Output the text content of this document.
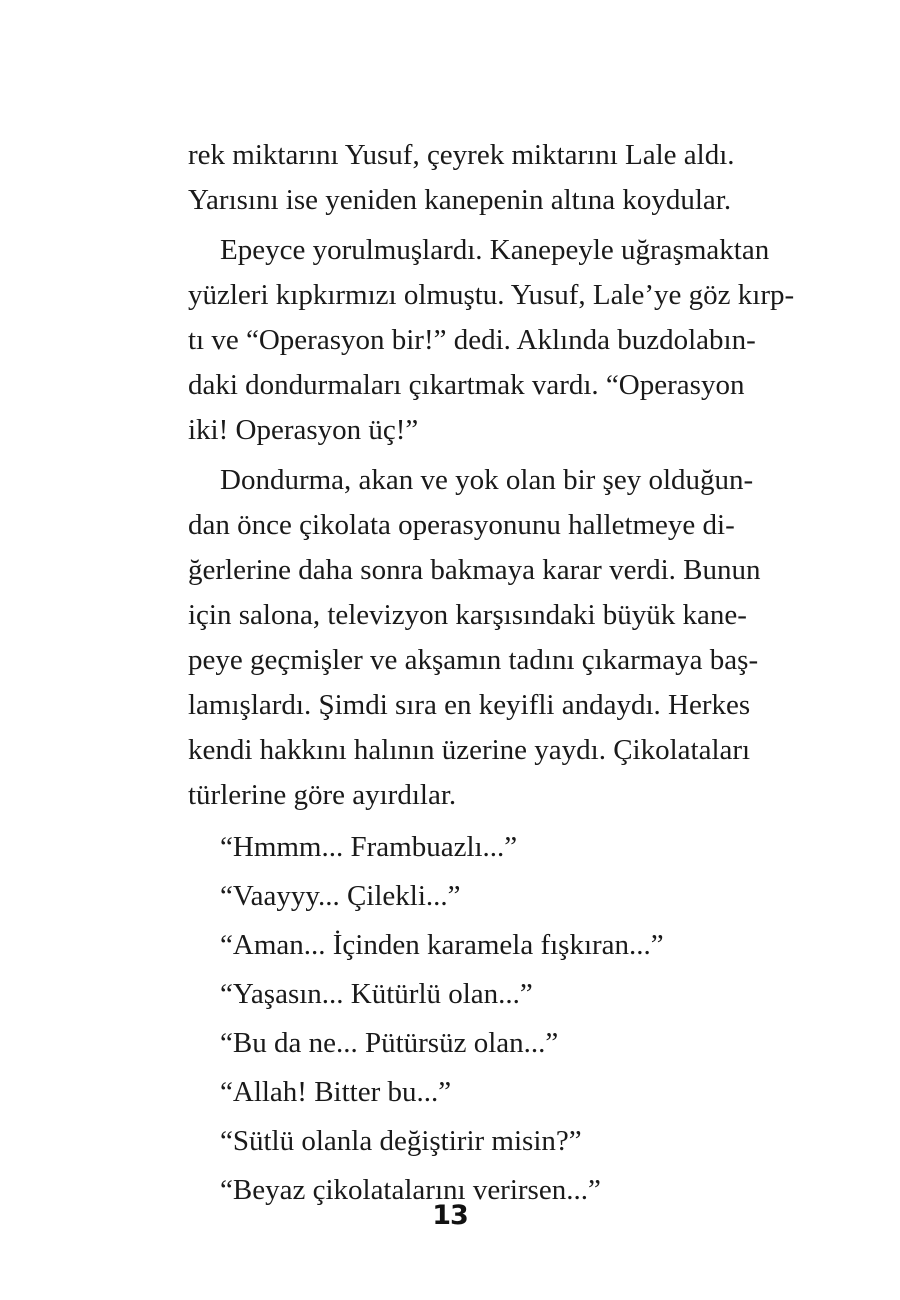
rek miktarını Yusuf, çeyrek miktarını Lale aldı.
Yarısını ise yeniden kanepenin altına koydular.
Epeyce yorulmuşlardı. Kanepeyle uğraşmaktan
yüzleri kıpkırmızı olmuştu. Yusuf, Lale’ye göz kırp-
tı ve “Operasyon bir!” dedi. Aklında buzdolabın-
daki dondurmaları çıkartmak vardı. “Operasyon
iki! Operasyon üç!”
Dondurma, akan ve yok olan bir şey olduğun-
dan önce çikolata operasyonunu halletmeye di-
ğerlerine daha sonra bakmaya karar verdi. Bunun
için salona, televizyon karşısındaki büyük kane-
peye geçmişler ve akşamın tadını çıkarmaya baş-
lamışlardı. Şimdi sıra en keyifli andaydı. Herkes
kendi hakkını halının üzerine yaydı. Çikolataları
türlerine göre ayırdılar.
“Hmmm... Frambuazlı...”
“Vaayyy... Çilekli...”
“Aman... İçinden karamela fışkıran...”
“Yaşasın... Kütürlü olan...”
“Bu da ne... Pütürsüz olan...”
“Allah! Bitter bu...”
“Sütlü olanla değiştirir misin?”
“Beyaz çikolatalarını verirsen...”
13
